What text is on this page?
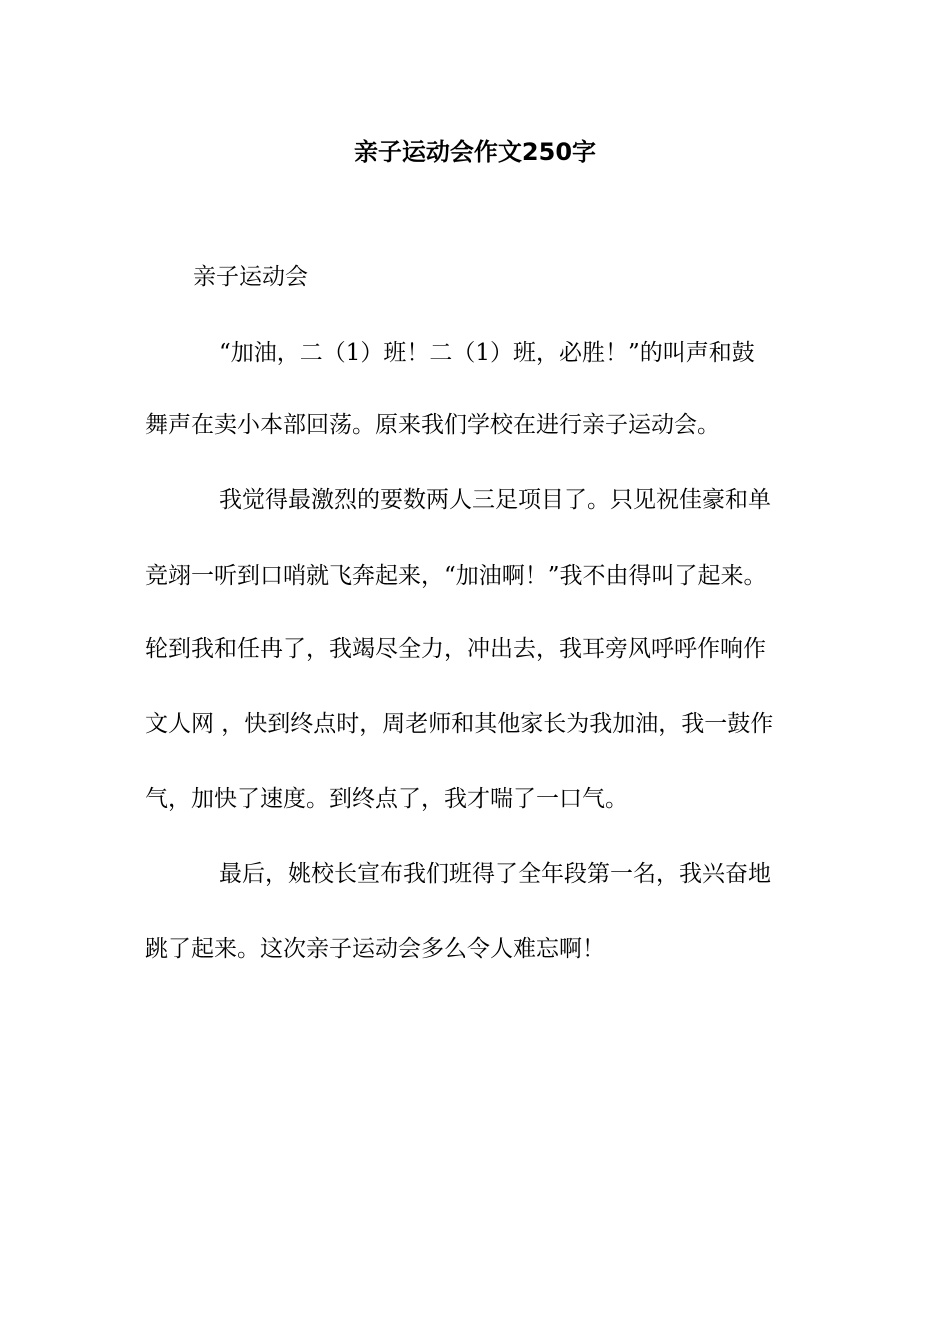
亲子运动会作文250字
亲子运动会
“加油，二（1）班！二（1）班，必胜！”的叫声和鼓
舞声在卖小本部回荡。原来我们学校在进行亲子运动会。
我觉得最激烈的要数两人三足项目了。只见祝佳豪和单
竞翊一听到口哨就飞奔起来，“加油啊！”我不由得叫了起来。
轮到我和任冉了，我竭尽全力，冲出去，我耳旁风呼呼作响作
文人网 ，快到终点时，周老师和其他家长为我加油，我一鼓作
气，加快了速度。到终点了，我才喘了一口气。
最后，姚校长宣布我们班得了全年段第一名，我兴奋地
跳了起来。这次亲子运动会多么令人难忘啊！
